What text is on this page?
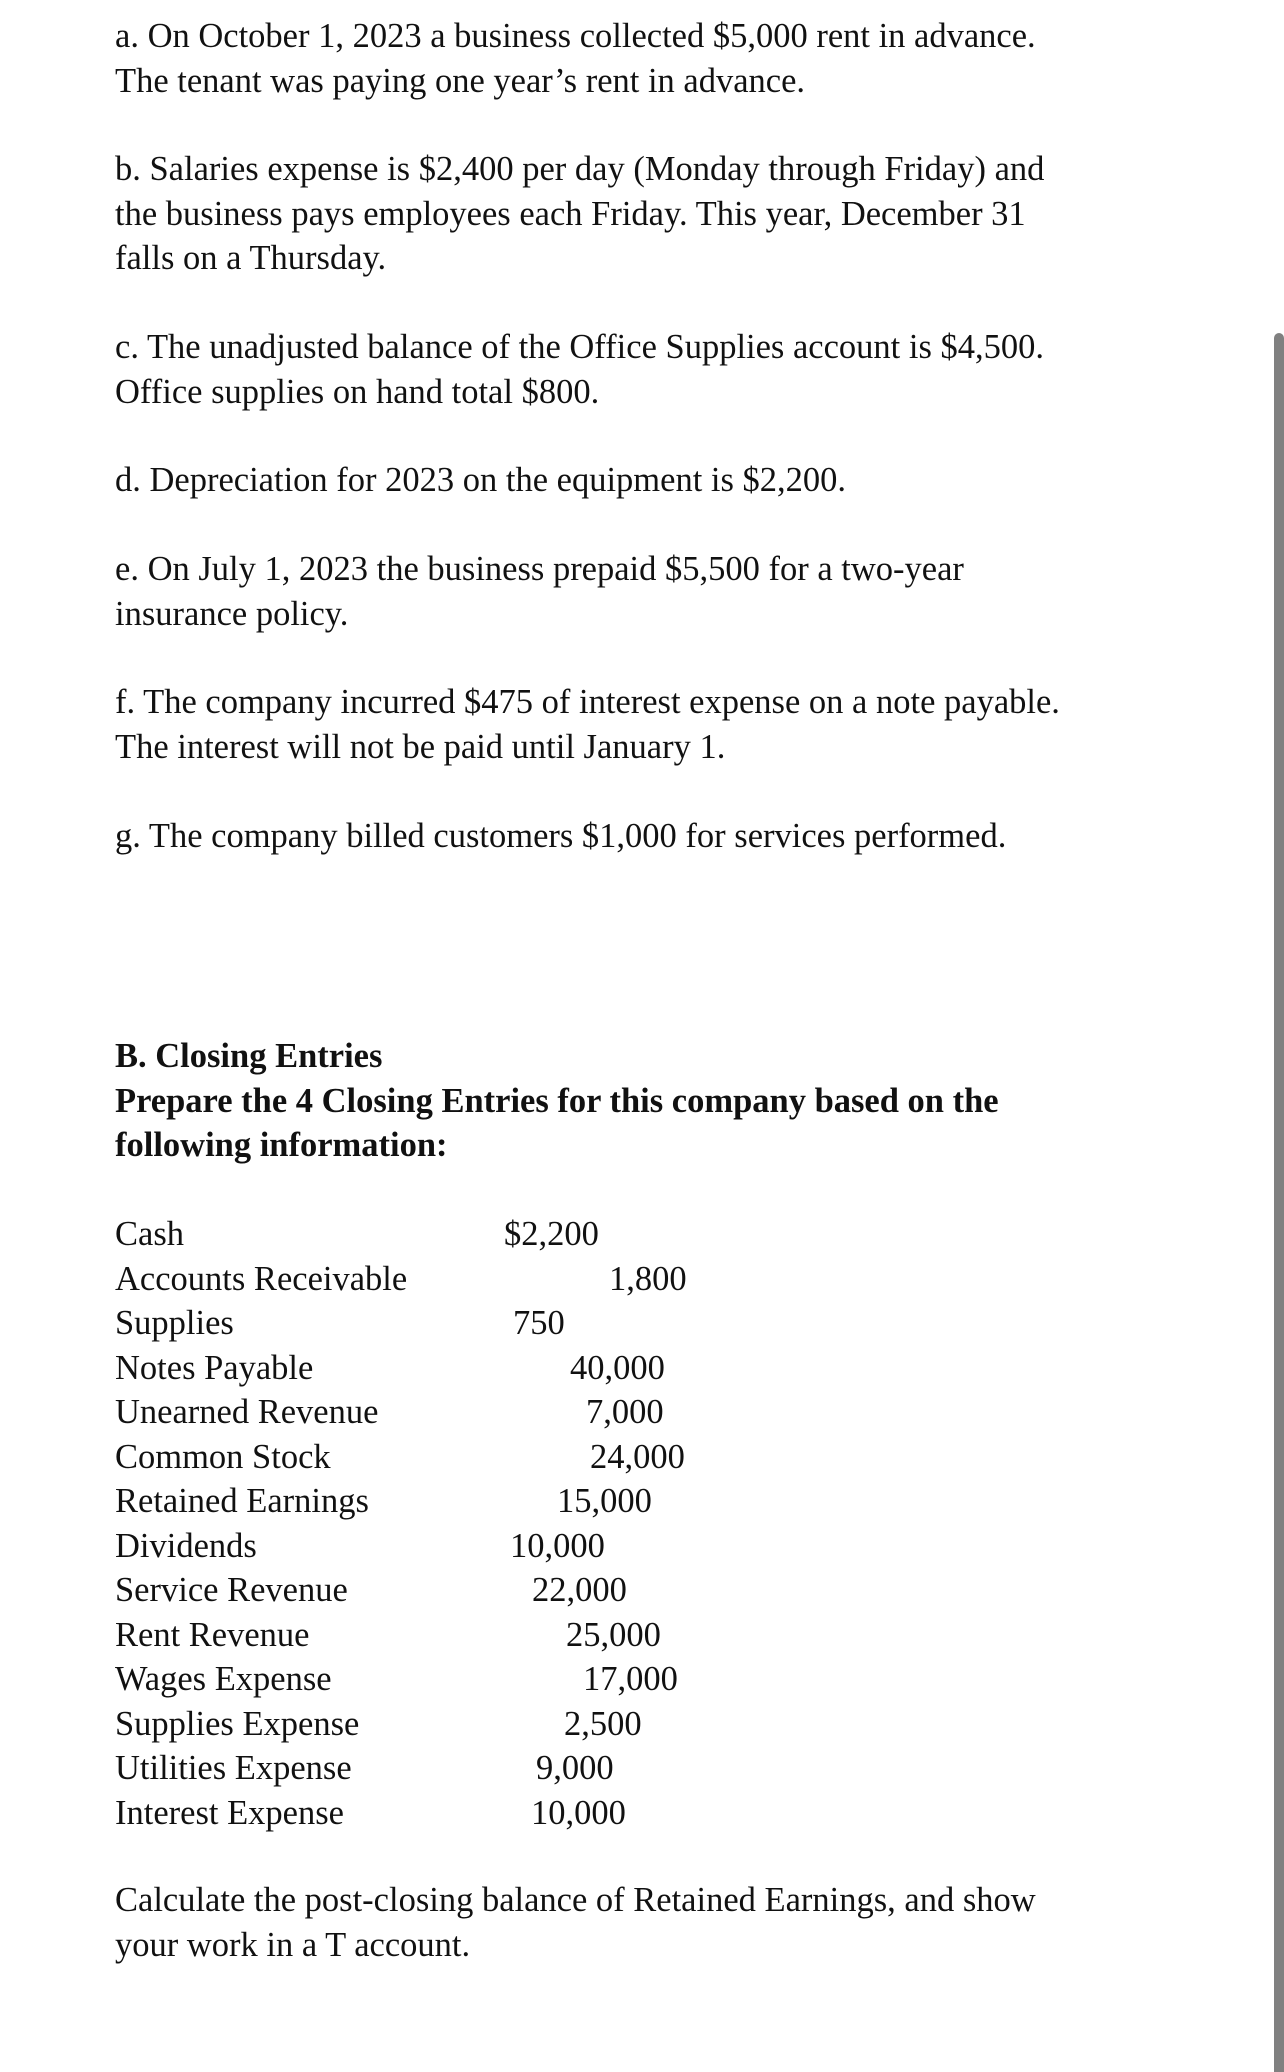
a. On October 1, 2023 a business collected $5,000 rent in advance.
The tenant was paying one year’s rent in advance.
b. Salaries expense is $2,400 per day (Monday through Friday) and
the business pays employees each Friday. This year, December 31
falls on a Thursday.
c. The unadjusted balance of the Office Supplies account is $4,500.
Office supplies on hand total $800.
d. Depreciation for 2023 on the equipment is $2,200.
e. On July 1, 2023 the business prepaid $5,500 for a two-year
insurance policy.
f. The company incurred $475 of interest expense on a note payable.
The interest will not be paid until January 1.
g. The company billed customers $1,000 for services performed.
B. Closing Entries
Prepare the 4 Closing Entries for this company based on the
following information:
Cash	$2,200
Accounts Receivable	1,800
Supplies	750
Notes Payable	40,000
Unearned Revenue	7,000
Common Stock	24,000
Retained Earnings	15,000
Dividends	10,000
Service Revenue	22,000
Rent Revenue	25,000
Wages Expense	17,000
Supplies Expense	2,500
Utilities Expense	9,000
Interest Expense	10,000
Calculate the post-closing balance of Retained Earnings, and show
your work in a T account.
